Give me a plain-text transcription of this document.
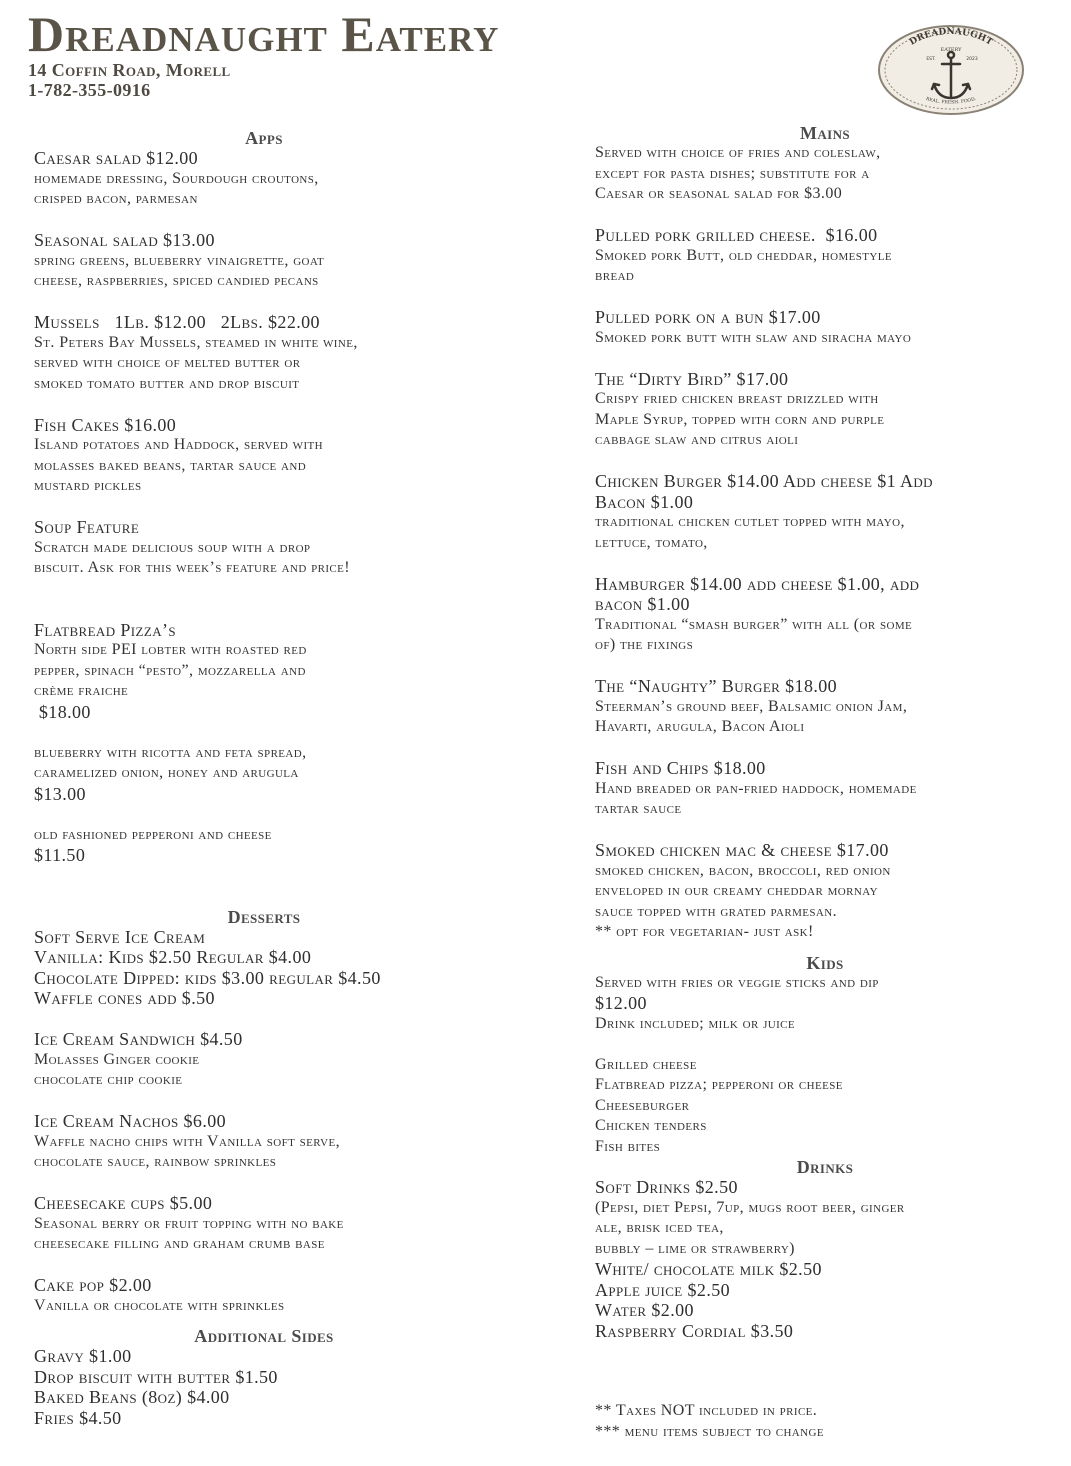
Dreadnaught Eatery
14 Coffin Road, Morell
1-782-355-0916
DREADNAUGHT
EATERY
EST.	2023
REAL. FRESH. FOOD.
Apps
Caesar salad $12.00
homemade dressing, Sourdough croutons,
crisped bacon, parmesan
Seasonal salad $13.00
spring greens, blueberry vinaigrette, goat
cheese, raspberries, spiced candied pecans
Mussels   1Lb. $12.00   2Lbs. $22.00
St. Peters Bay Mussels, steamed in white wine,
served with choice of melted butter or
smoked tomato butter and drop biscuit
Fish Cakes $16.00
Island potatoes and Haddock, served with
molasses baked beans, tartar sauce and
mustard pickles
Soup Feature
Scratch made delicious soup with a drop
biscuit. Ask for this week’s feature and price!
Flatbread Pizza’s
North side PEI lobter with roasted red
pepper, spinach “pesto”, mozzarella and
crème fraiche
$18.00
blueberry with ricotta and feta spread,
caramelized onion, honey and arugula
$13.00
old fashioned pepperoni and cheese
$11.50
Desserts
Soft Serve Ice Cream
Vanilla: Kids $2.50 Regular $4.00
Chocolate Dipped: kids $3.00 regular $4.50
Waffle cones add $.50
Ice Cream Sandwich $4.50
Molasses Ginger cookie
chocolate chip cookie
Ice Cream Nachos $6.00
Waffle nacho chips with Vanilla soft serve,
chocolate sauce, rainbow sprinkles
Cheesecake cups $5.00
Seasonal berry or fruit topping with no bake
cheesecake filling and graham crumb base
Cake pop $2.00
Vanilla or chocolate with sprinkles
Additional Sides
Gravy $1.00
Drop biscuit with butter $1.50
Baked Beans (8oz) $4.00
Fries $4.50
Mains
Served with choice of fries and coleslaw,
except for pasta dishes; substitute for a
Caesar or seasonal salad for $3.00
Pulled pork grilled cheese.  $16.00
Smoked pork Butt, old cheddar, homestyle
bread
Pulled pork on a bun $17.00
Smoked pork butt with slaw and siracha mayo
The “Dirty Bird” $17.00
Crispy fried chicken breast drizzled with
Maple Syrup, topped with corn and purple
cabbage slaw and citrus aioli
Chicken Burger $14.00 Add cheese $1 Add
Bacon $1.00
traditional chicken cutlet topped with mayo,
lettuce, tomato,
Hamburger $14.00 add cheese $1.00, add
bacon $1.00
Traditional “smash burger” with all (or some
of) the fixings
The “Naughty” Burger $18.00
Steerman’s ground beef, Balsamic onion Jam,
Havarti, arugula, Bacon Aioli
Fish and Chips $18.00
Hand breaded or pan-fried haddock, homemade
tartar sauce
Smoked chicken mac & cheese $17.00
smoked chicken, bacon, broccoli, red onion
enveloped in our creamy cheddar mornay
sauce topped with grated parmesan.
** opt for vegetarian- just ask!
Kids
Served with fries or veggie sticks and dip
$12.00
Drink included; milk or juice
Grilled cheese
Flatbread pizza; pepperoni or cheese
Cheeseburger
Chicken tenders
Fish bites
Drinks
Soft Drinks $2.50
(Pepsi, diet Pepsi, 7up, mugs root beer, ginger
ale, brisk iced tea,
bubbly – lime or strawberry)
White/ chocolate milk $2.50
Apple juice $2.50
Water $2.00
Raspberry Cordial $3.50
** Taxes NOT included in price.
*** menu items subject to change
